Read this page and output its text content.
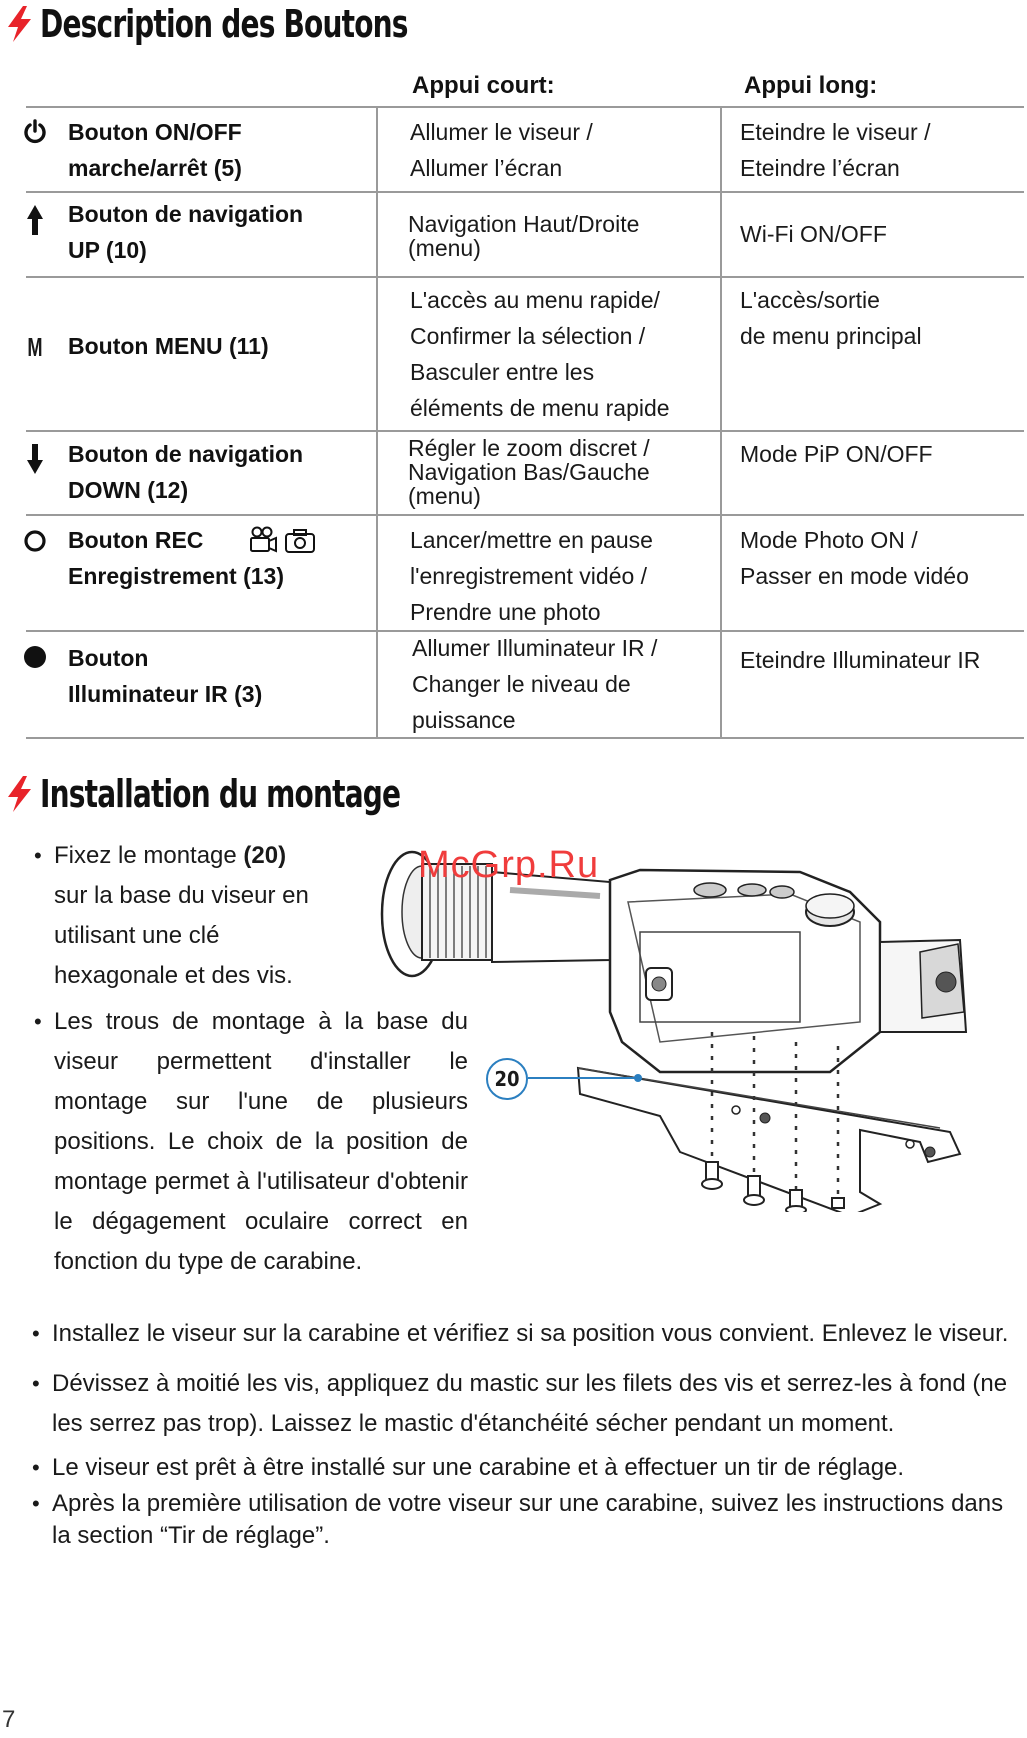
Description des Boutons
Appui court:	Appui long:
Bouton ON/OFF
marche/arrêt (5)
Allumer le viseur /
Allumer l’écran
Eteindre le viseur /
Eteindre l’écran
Bouton de navigation
UP (10)
Navigation Haut/Droite
(menu)
Wi-Fi ON/OFF
M Bouton MENU (11)
L'accès au menu rapide/
Confirmer la sélection /
Basculer entre les
éléments de menu rapide
L'accès/sortie
de menu principal
Bouton de navigation
DOWN (12)
Régler le zoom discret /
Navigation Bas/Gauche
(menu)
Mode PiP ON/OFF
Bouton REC
Enregistrement (13)
Lancer/mettre en pause
l'enregistrement vidéo /
Prendre une photo
Mode Photo ON /
Passer en mode vidéo
Bouton
Illuminateur IR (3)
Allumer Illuminateur IR /
Changer le niveau de
puissance
Eteindre Illuminateur IR
Installation du montage
20
McGrp.Ru
• Fixez le montage (20)
sur la base du viseur en
utilisant une clé
hexagonale et des vis.
• Les trous de montage à la base du viseur permettent d'installer le montage sur l'une de plusieurs positions. Le choix de la position de montage permet à l'utilisateur d'obtenir le dégagement oculaire correct en fonction du type de carabine.
• Installez le viseur sur la carabine et vérifiez si sa position vous convient. Enlevez le viseur.
• Dévissez à moitié les vis, appliquez du mastic sur les filets des vis et serrez-les à fond (ne les serrez pas trop). Laissez le mastic d'étanchéité sécher pendant un moment.
• Le viseur est prêt à être installé sur une carabine et à effectuer un tir de réglage.
• Après la première utilisation de votre viseur sur une carabine, suivez les instructions dans la section “Tir de réglage”.
7
